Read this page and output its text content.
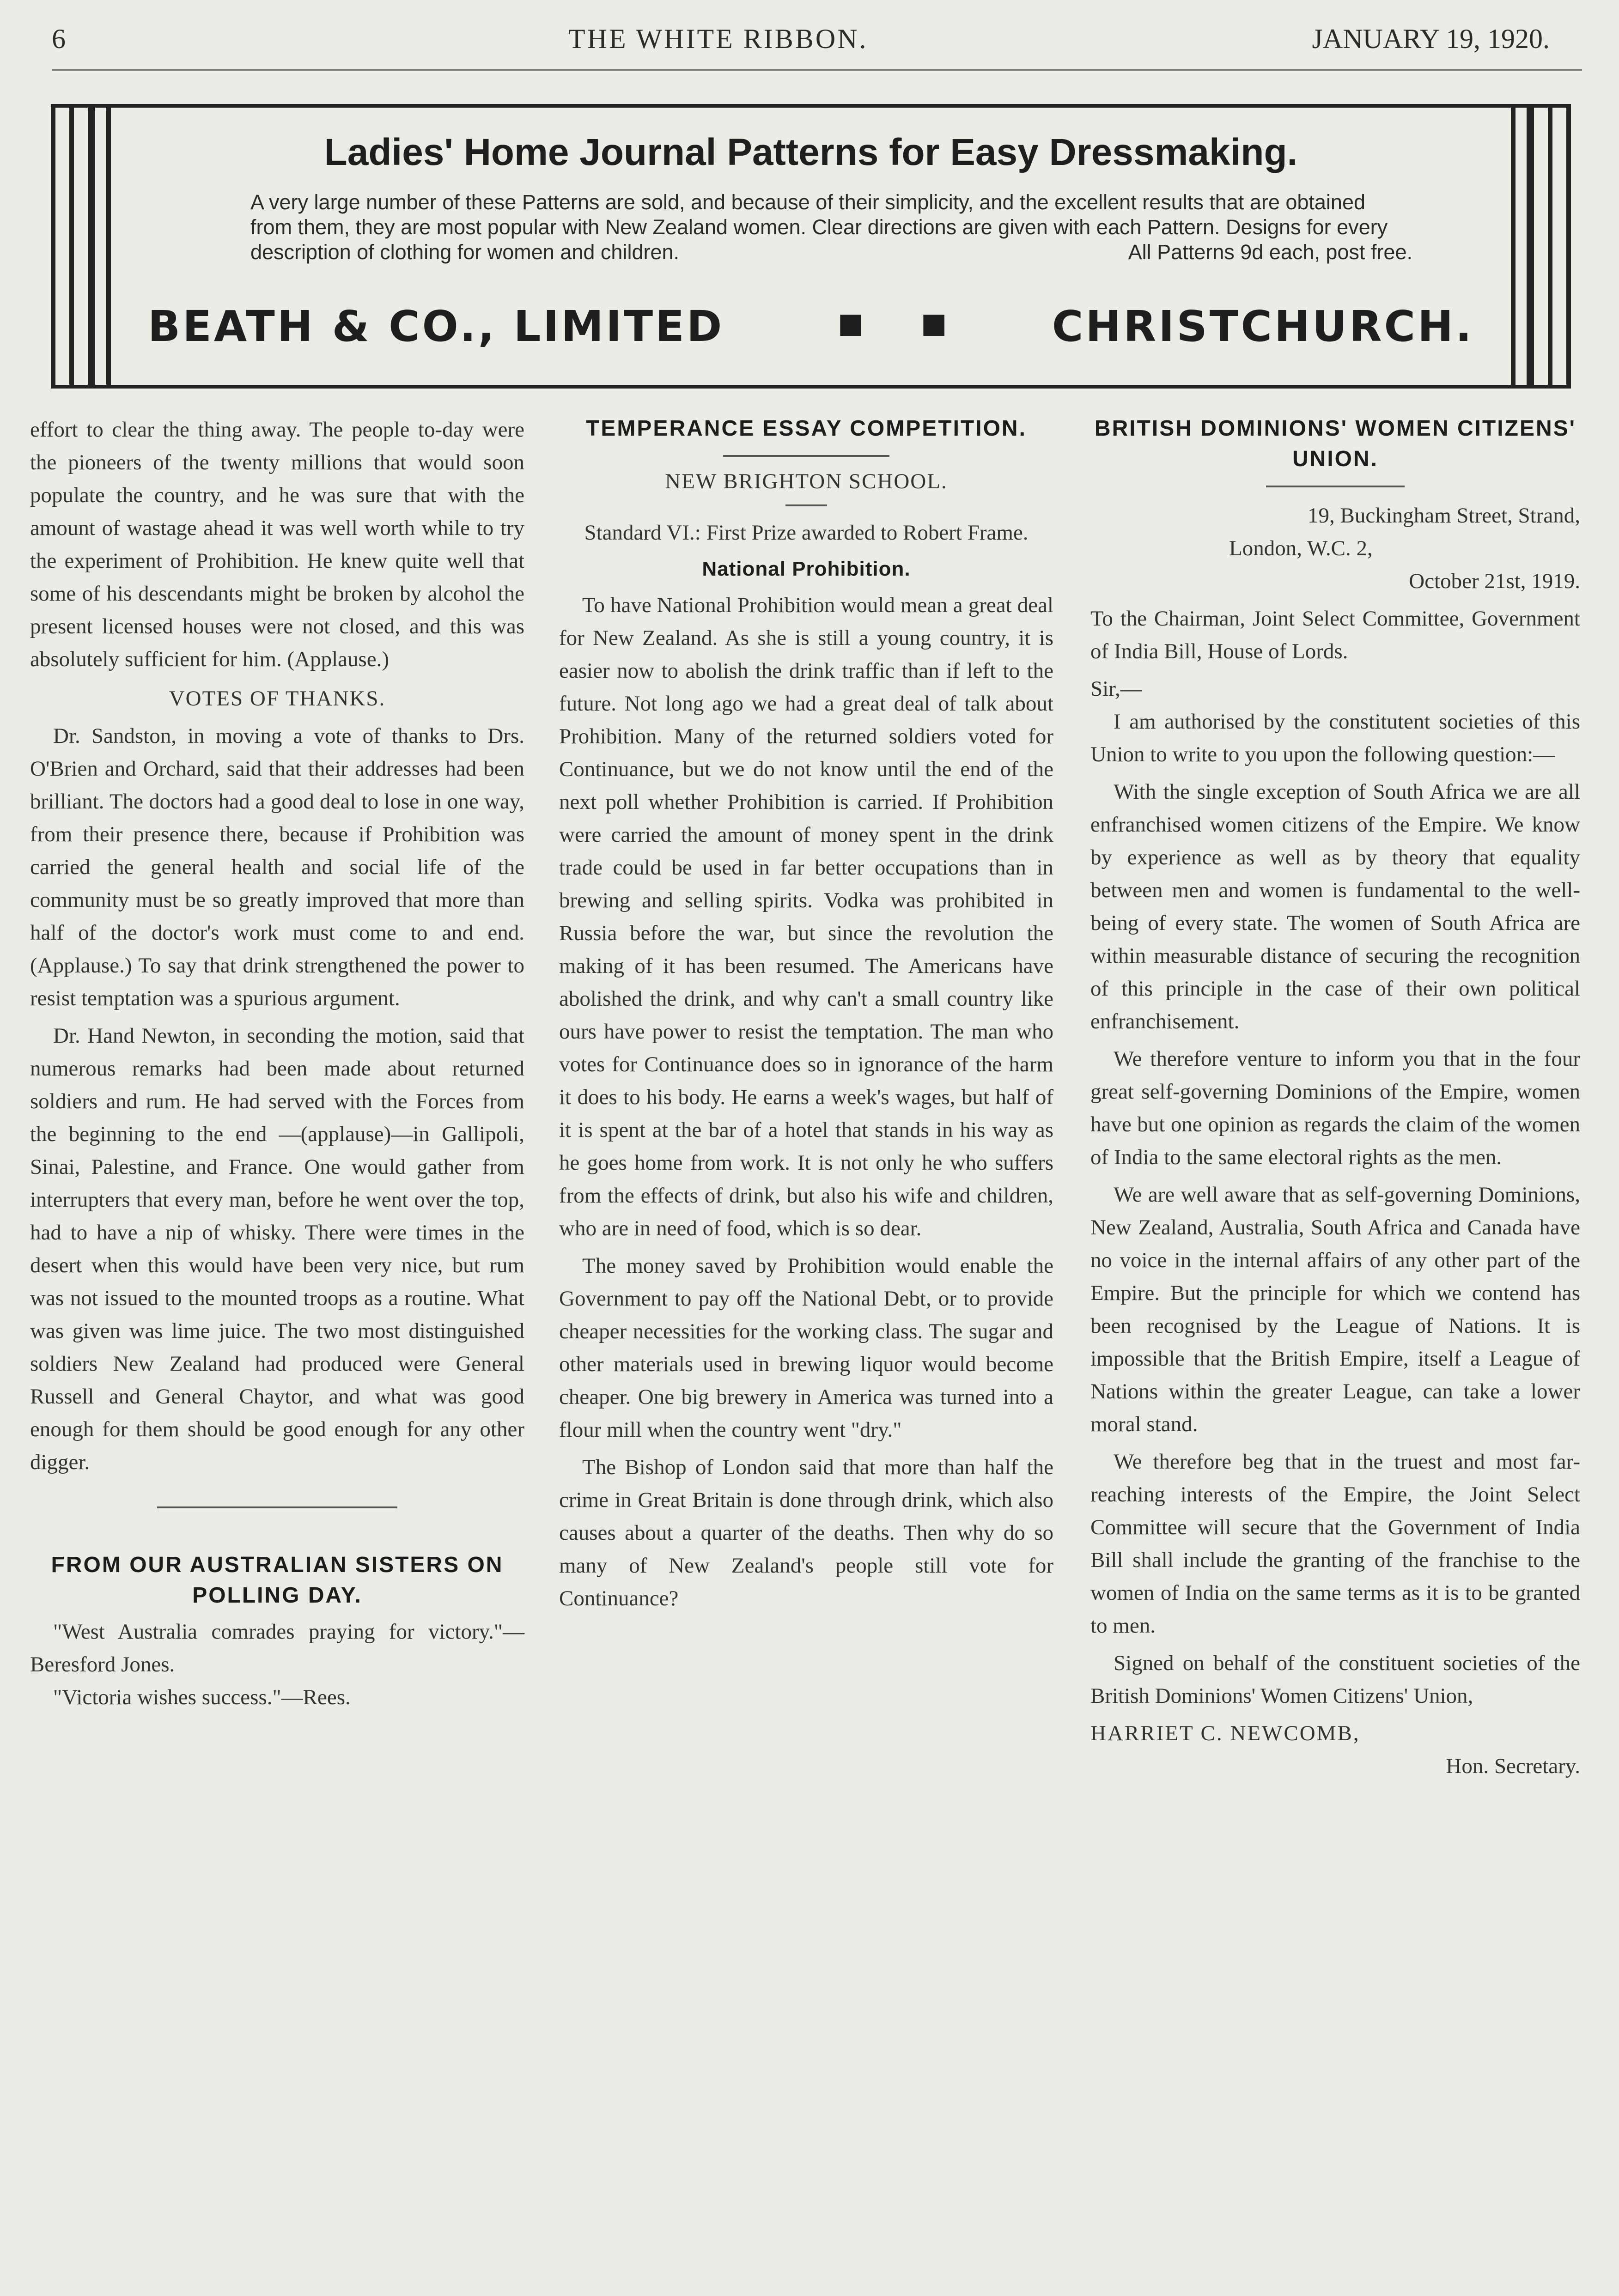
6	THE WHITE RIBBON.	JANUARY 19, 1920.
Ladies' Home Journal Patterns for Easy Dressmaking.
A very large number of these Patterns are sold, and because of their simplicity, and the excellent results that are obtained from them, they are most popular with New Zealand women. Clear directions are given with each Pattern. Designs for every description of clothing for women and children.	All Patterns 9d each, post free.
BEATH & CO., LIMITED	▪ ▪ CHRISTCHURCH.

effort to clear the thing away. The people to-day were the pioneers of the twenty millions that would soon populate the country, and he was sure that with the amount of wastage ahead it was well worth while to try the experiment of Prohibition. He knew quite well that some of his descendants might be broken by alcohol the present licensed houses were not closed, and this was absolutely sufficient for him. (Applause.)

VOTES OF THANKS.

Dr. Sandston, in moving a vote of thanks to Drs. O'Brien and Orchard, said that their addresses had been brilliant. The doctors had a good deal to lose in one way, from their presence there, because if Prohibition was carried the general health and social life of the community must be so greatly improved that more than half of the doctor's work must come to and end. (Applause.) To say that drink strengthened the power to resist temptation was a spurious argument.

Dr. Hand Newton, in seconding the motion, said that numerous remarks had been made about returned soldiers and rum. He had served with the Forces from the beginning to the end —(applause)—in Gallipoli, Sinai, Palestine, and France. One would gather from interrupters that every man, before he went over the top, had to have a nip of whisky. There were times in the desert when this would have been very nice, but rum was not issued to the mounted troops as a routine. What was given was lime juice. The two most distinguished soldiers New Zealand had produced were General Russell and General Chaytor, and what was good enough for them should be good enough for any other digger.

FROM OUR AUSTRALIAN SISTERS ON POLLING DAY.

"West Australia comrades praying for victory."—Beresford Jones.

"Victoria wishes success."—Rees.

TEMPERANCE ESSAY COMPETITION.

NEW BRIGHTON SCHOOL.

Standard VI.: First Prize awarded to Robert Frame.

National Prohibition.

To have National Prohibition would mean a great deal for New Zealand. As she is still a young country, it is easier now to abolish the drink traffic than if left to the future. Not long ago we had a great deal of talk about Prohibition. Many of the returned soldiers voted for Continuance, but we do not know until the end of the next poll whether Prohibition is carried. If Prohibition were carried the amount of money spent in the drink trade could be used in far better occupations than in brewing and selling spirits. Vodka was prohibited in Russia before the war, but since the revolution the making of it has been resumed. The Americans have abolished the drink, and why can't a small country like ours have power to resist the temptation. The man who votes for Continuance does so in ignorance of the harm it does to his body. He earns a week's wages, but half of it is spent at the bar of a hotel that stands in his way as he goes home from work. It is not only he who suffers from the effects of drink, but also his wife and children, who are in need of food, which is so dear.

The money saved by Prohibition would enable the Government to pay off the National Debt, or to provide cheaper necessities for the working class. The sugar and other materials used in brewing liquor would become cheaper. One big brewery in America was turned into a flour mill when the country went "dry."

The Bishop of London said that more than half the crime in Great Britain is done through drink, which also causes about a quarter of the deaths. Then why do so many of New Zealand's people still vote for Continuance?

BRITISH DOMINIONS' WOMEN CITIZENS' UNION.

19, Buckingham Street, Strand,

London, W.C. 2,

October 21st, 1919.

To the Chairman, Joint Select Committee, Government of India Bill, House of Lords.

Sir,—

I am authorised by the constitutent societies of this Union to write to you upon the following question:—

With the single exception of South Africa we are all enfranchised women citizens of the Empire. We know by experience as well as by theory that equality between men and women is fundamental to the well-being of every state. The women of South Africa are within measurable distance of securing the recognition of this principle in the case of their own political enfranchisement.

We therefore venture to inform you that in the four great self-governing Dominions of the Empire, women have but one opinion as regards the claim of the women of India to the same electoral rights as the men.

We are well aware that as self-governing Dominions, New Zealand, Australia, South Africa and Canada have no voice in the internal affairs of any other part of the Empire. But the principle for which we contend has been recognised by the League of Nations. It is impossible that the British Empire, itself a League of Nations within the greater League, can take a lower moral stand.

We therefore beg that in the truest and most far-reaching interests of the Empire, the Joint Select Committee will secure that the Government of India Bill shall include the granting of the franchise to the women of India on the same terms as it is to be granted to men.

Signed on behalf of the constituent societies of the British Dominions' Women Citizens' Union,

HARRIET C. NEWCOMB,

Hon. Secretary.
